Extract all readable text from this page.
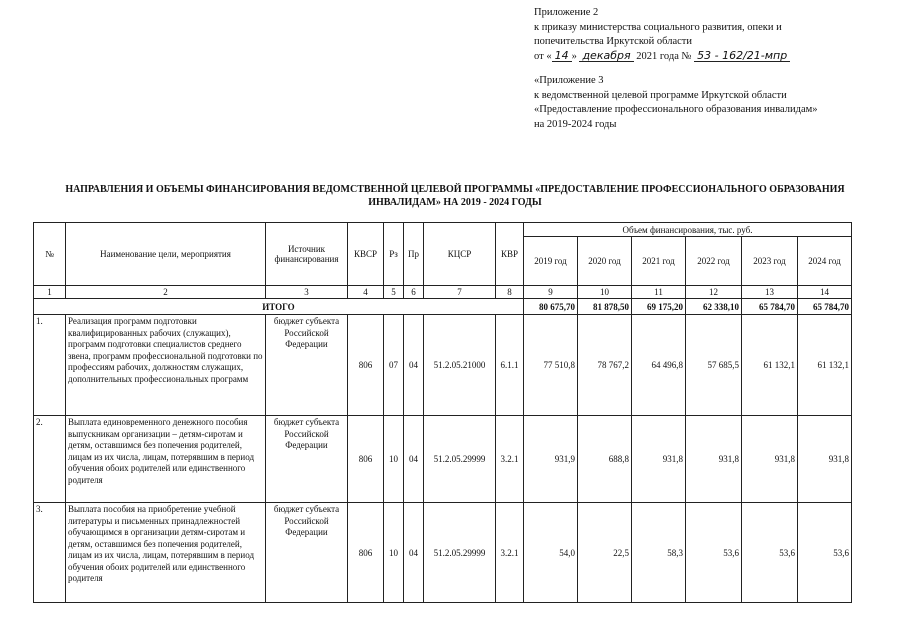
Приложение 2
к приказу министерства социального развития, опеки и
попечительства Иркутской области
от « 14 » декабря 2021 года № 53 - 162/21-мпр
«Приложение 3
к ведомственной целевой программе Иркутской области
«Предоставление профессионального образования инвалидам»
на 2019-2024 годы
НАПРАВЛЕНИЯ И ОБЪЕМЫ ФИНАНСИРОВАНИЯ ВЕДОМСТВЕННОЙ ЦЕЛЕВОЙ ПРОГРАММЫ «ПРЕДОСТАВЛЕНИЕ ПРОФЕССИОНАЛЬНОГО ОБРАЗОВАНИЯ
ИНВАЛИДАМ» НА 2019 - 2024 ГОДЫ
№	Наименование цели, мероприятия	Источник финансирования	КВСР	Рз	Пр	КЦСР	КВР	Объем финансирования, тыс. руб.					
								2019 год	2020 год	2021 год	2022 год	2023 год	2024 год
1	2	3	4	5	6	7	8	9	10	11	12	13	14
ИТОГО								80 675,70	81 878,50	69 175,20	62 338,10	65 784,70	65 784,70
1.	Реализация программ подготовки квалифицированных рабочих (служащих), программ подготовки специалистов среднего звена, программ профессиональной подготовки по профессиям рабочих, должностям служащих, дополнительных профессиональных программ	бюджет субъекта Российской Федерации	806	07	04	51.2.05.21000	6.1.1	77 510,8	78 767,2	64 496,8	57 685,5	61 132,1	61 132,1
2.	Выплата единовременного денежного пособия выпускникам организации – детям-сиротам и детям, оставшимся без попечения родителей, лицам из их числа, лицам, потерявшим в период обучения обоих родителей или единственного родителя	бюджет субъекта Российской Федерации	806	10	04	51.2.05.29999	3.2.1	931,9	688,8	931,8	931,8	931,8	931,8
3.	Выплата пособия на приобретение учебной литературы и письменных принадлежностей обучающимся в организации детям-сиротам и детям, оставшимся без попечения родителей, лицам из их числа, лицам, потерявшим в период обучения обоих родителей или единственного родителя	бюджет субъекта Российской Федерации	806	10	04	51.2.05.29999	3.2.1	54,0	22,5	58,3	53,6	53,6	53,6
